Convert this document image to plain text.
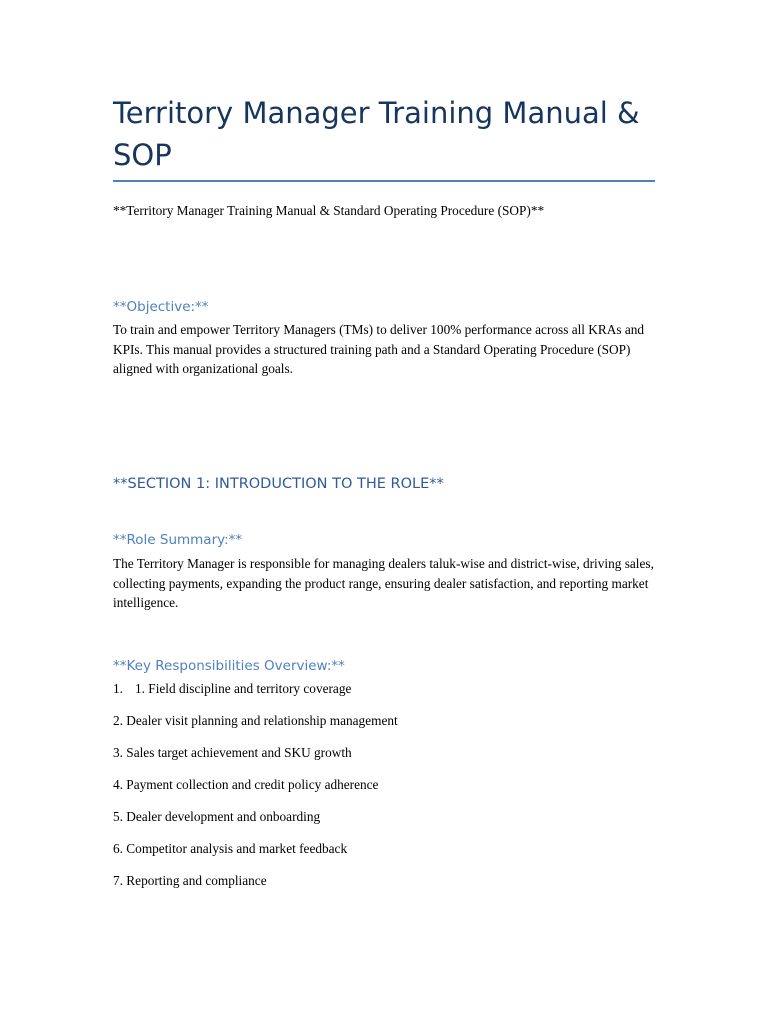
Territory Manager Training Manual & SOP

**Territory Manager Training Manual & Standard Operating Procedure (SOP)**

**Objective:**

To train and empower Territory Managers (TMs) to deliver 100% performance across all KRAs and KPIs. This manual provides a structured training path and a Standard Operating Procedure (SOP) aligned with organizational goals.

**SECTION 1: INTRODUCTION TO THE ROLE**
**Role Summary:**

The Territory Manager is responsible for managing dealers taluk-wise and district-wise, driving sales, collecting payments, expanding the product range, ensuring dealer satisfaction, and reporting market intelligence.

**Key Responsibilities Overview:**
1. 1. Field discipline and territory coverage
2. Dealer visit planning and relationship management
3. Sales target achievement and SKU growth
4. Payment collection and credit policy adherence
5. Dealer development and onboarding
6. Competitor analysis and market feedback
7. Reporting and compliance
